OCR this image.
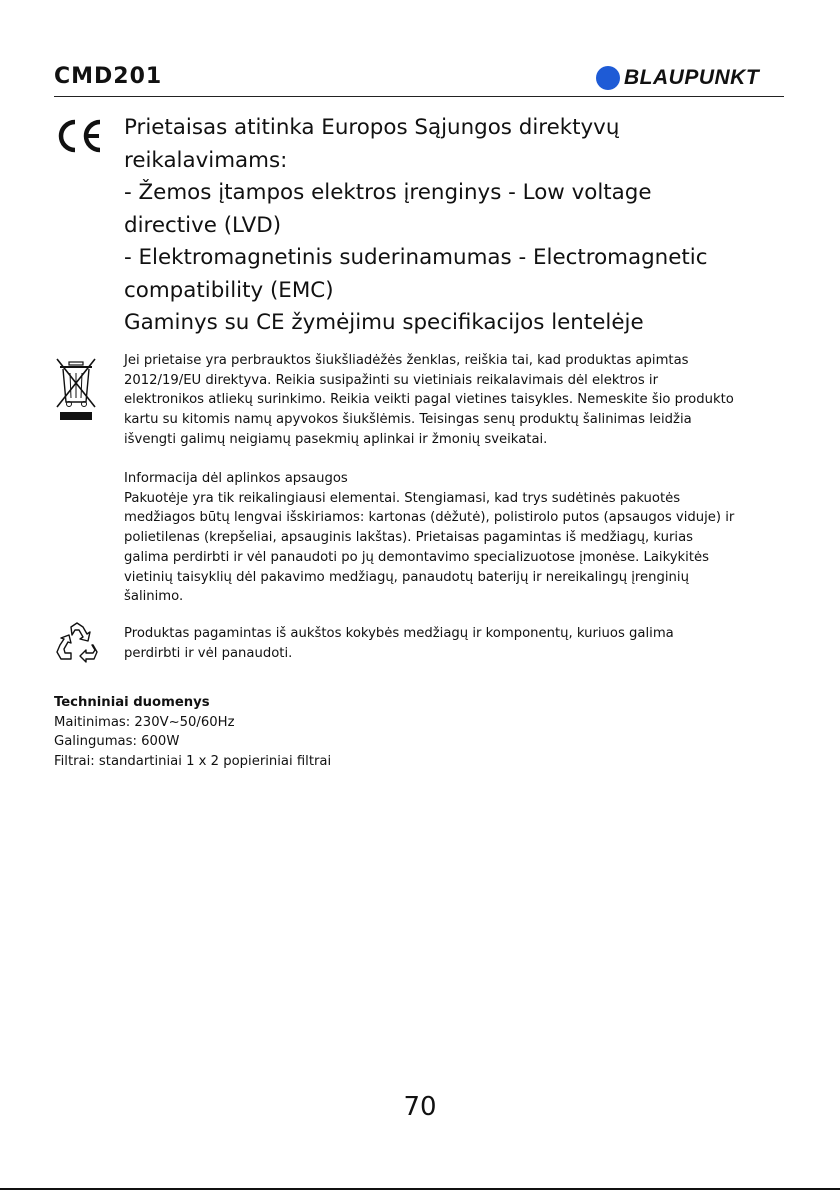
CMD201	BLAUPUNKT
Prietaisas atitinka Europos Sąjungos direktyvų
reikalavimams:
- Žemos įtampos elektros įrenginys - Low voltage
directive (LVD)
- Elektromagnetinis suderinamumas - Electromagnetic
compatibility (EMC)
Gaminys su CE žymėjimu specifikacijos lentelėje
Jei prietaise yra perbrauktos šiukšliadėžės ženklas, reiškia tai, kad produktas apimtas
2012/19/EU direktyva. Reikia susipažinti su vietiniais reikalavimais dėl elektros ir
elektronikos atliekų surinkimo. Reikia veikti pagal vietines taisykles. Nemeskite šio produkto
kartu su kitomis namų apyvokos šiukšlėmis. Teisingas senų produktų šalinimas leidžia
išvengti galimų neigiamų pasekmių aplinkai ir žmonių sveikatai.
Informacija dėl aplinkos apsaugos
Pakuotėje yra tik reikalingiausi elementai. Stengiamasi, kad trys sudėtinės pakuotės
medžiagos būtų lengvai išskiriamos: kartonas (dėžutė), polistirolo putos (apsaugos viduje) ir
polietilenas (krepšeliai, apsauginis lakštas). Prietaisas pagamintas iš medžiagų, kurias
galima perdirbti ir vėl panaudoti po jų demontavimo specializuotose įmonėse. Laikykitės
vietinių taisyklių dėl pakavimo medžiagų, panaudotų baterijų ir nereikalingų įrenginių
šalinimo.
Produktas pagamintas iš aukštos kokybės medžiagų ir komponentų, kuriuos galima
perdirbti ir vėl panaudoti.
Techniniai duomenys
Maitinimas: 230V~50/60Hz
Galingumas: 600W
Filtrai: standartiniai 1 x 2 popieriniai filtrai
70
